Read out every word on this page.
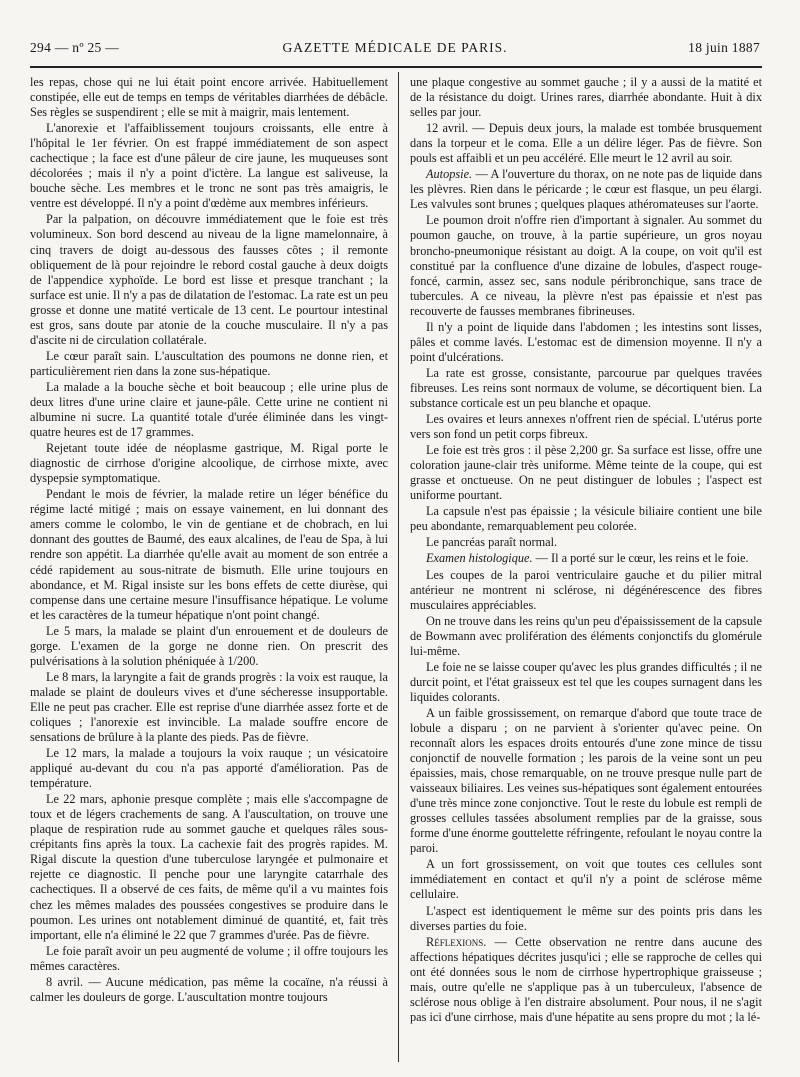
294 — nº 25 —	GAZETTE MÉDICALE DE PARIS.	18 juin 1887

les repas, chose qui ne lui était point encore arrivée. Habituellement constipée, elle eut de temps en temps de véritables diarrhées de débâcle. Ses règles se suspendirent ; elle se mit à maigrir, mais lentement.

L'anorexie et l'affaiblissement toujours croissants, elle entre à l'hôpital le 1er février. On est frappé immédiatement de son aspect cachectique ; la face est d'une pâleur de cire jaune, les muqueuses sont décolorées ; mais il n'y a point d'ictère. La langue est saliveuse, la bouche sèche. Les membres et le tronc ne sont pas très amaigris, le ventre est développé. Il n'y a point d'œdème aux membres inférieurs.

Par la palpation, on découvre immédiatement que le foie est très volumineux. Son bord descend au niveau de la ligne mamelonnaire, à cinq travers de doigt au-dessous des fausses côtes ; il remonte obliquement de là pour rejoindre le rebord costal gauche à deux doigts de l'appendice xyphoïde. Le bord est lisse et presque tranchant ; la surface est unie. Il n'y a pas de dilatation de l'estomac. La rate est un peu grosse et donne une matité verticale de 13 cent. Le pourtour intestinal est gros, sans doute par atonie de la couche musculaire. Il n'y a pas d'ascite ni de circulation collatérale.

Le cœur paraît sain. L'auscultation des poumons ne donne rien, et particulièrement rien dans la zone sus-hépatique.

La malade a la bouche sèche et boit beaucoup ; elle urine plus de deux litres d'une urine claire et jaune-pâle. Cette urine ne contient ni albumine ni sucre. La quantité totale d'urée éliminée dans les vingt-quatre heures est de 17 grammes.

Rejetant toute idée de néoplasme gastrique, M. Rigal porte le diagnostic de cirrhose d'origine alcoolique, de cirrhose mixte, avec dyspepsie symptomatique.

Pendant le mois de février, la malade retire un léger bénéfice du régime lacté mitigé ; mais on essaye vainement, en lui donnant des amers comme le colombo, le vin de gentiane et de chobrach, en lui donnant des gouttes de Baumé, des eaux alcalines, de l'eau de Spa, à lui rendre son appétit. La diarrhée qu'elle avait au moment de son entrée a cédé rapidement au sous-nitrate de bismuth. Elle urine toujours en abondance, et M. Rigal insiste sur les bons effets de cette diurèse, qui compense dans une certaine mesure l'insuffisance hépatique. Le volume et les caractères de la tumeur hépatique n'ont point changé.

Le 5 mars, la malade se plaint d'un enrouement et de douleurs de gorge. L'examen de la gorge ne donne rien. On prescrit des pulvérisations à la solution phéniquée à 1/200.

Le 8 mars, la laryngite a fait de grands progrès : la voix est rauque, la malade se plaint de douleurs vives et d'une sécheresse insupportable. Elle ne peut pas cracher. Elle est reprise d'une diarrhée assez forte et de coliques ; l'anorexie est invincible. La malade souffre encore de sensations de brûlure à la plante des pieds. Pas de fièvre.

Le 12 mars, la malade a toujours la voix rauque ; un vésicatoire appliqué au-devant du cou n'a pas apporté d'amélioration. Pas de température.

Le 22 mars, aphonie presque complète ; mais elle s'accompagne de toux et de légers crachements de sang. A l'auscultation, on trouve une plaque de respiration rude au sommet gauche et quelques râles sous-crépitants fins après la toux. La cachexie fait des progrès rapides. M. Rigal discute la question d'une tuberculose laryngée et pulmonaire et rejette ce diagnostic. Il penche pour une laryngite catarrhale des cachectiques. Il a observé de ces faits, de même qu'il a vu maintes fois chez les mêmes malades des poussées congestives se produire dans le poumon. Les urines ont notablement diminué de quantité, et, fait très important, elle n'a éliminé le 22 que 7 grammes d'urée. Pas de fièvre.

Le foie paraît avoir un peu augmenté de volume ; il offre toujours les mêmes caractères.

8 avril. — Aucune médication, pas même la cocaïne, n'a réussi à calmer les douleurs de gorge. L'auscultation montre toujours

une plaque congestive au sommet gauche ; il y a aussi de la matité et de la résistance du doigt. Urines rares, diarrhée abondante. Huit à dix selles par jour.

12 avril. — Depuis deux jours, la malade est tombée brusquement dans la torpeur et le coma. Elle a un délire léger. Pas de fièvre. Son pouls est affaibli et un peu accéléré. Elle meurt le 12 avril au soir.

Autopsie. — A l'ouverture du thorax, on ne note pas de liquide dans les plèvres. Rien dans le péricarde ; le cœur est flasque, un peu élargi. Les valvules sont brunes ; quelques plaques athéromateuses sur l'aorte.

Le poumon droit n'offre rien d'important à signaler. Au sommet du poumon gauche, on trouve, à la partie supérieure, un gros noyau broncho-pneumonique résistant au doigt. A la coupe, on voit qu'il est constitué par la confluence d'une dizaine de lobules, d'aspect rouge-foncé, carmin, assez sec, sans nodule péribronchique, sans trace de tubercules. A ce niveau, la plèvre n'est pas épaissie et n'est pas recouverte de fausses membranes fibrineuses.

Il n'y a point de liquide dans l'abdomen ; les intestins sont lisses, pâles et comme lavés. L'estomac est de dimension moyenne. Il n'y a point d'ulcérations.

La rate est grosse, consistante, parcourue par quelques travées fibreuses. Les reins sont normaux de volume, se décortiquent bien. La substance corticale est un peu blanche et opaque.

Les ovaires et leurs annexes n'offrent rien de spécial. L'utérus porte vers son fond un petit corps fibreux.

Le foie est très gros : il pèse 2,200 gr. Sa surface est lisse, offre une coloration jaune-clair très uniforme. Même teinte de la coupe, qui est grasse et onctueuse. On ne peut distinguer de lobules ; l'aspect est uniforme pourtant.

La capsule n'est pas épaissie ; la vésicule biliaire contient une bile peu abondante, remarquablement peu colorée.

Le pancréas paraît normal.

Examen histologique. — Il a porté sur le cœur, les reins et le foie.

Les coupes de la paroi ventriculaire gauche et du pilier mitral antérieur ne montrent ni sclérose, ni dégénérescence des fibres musculaires appréciables.

On ne trouve dans les reins qu'un peu d'épaississement de la capsule de Bowmann avec prolifération des éléments conjonctifs du glomérule lui-même.

Le foie ne se laisse couper qu'avec les plus grandes difficultés ; il ne durcit point, et l'état graisseux est tel que les coupes surnagent dans les liquides colorants.

A un faible grossissement, on remarque d'abord que toute trace de lobule a disparu ; on ne parvient à s'orienter qu'avec peine. On reconnaît alors les espaces droits entourés d'une zone mince de tissu conjonctif de nouvelle formation ; les parois de la veine sont un peu épaissies, mais, chose remarquable, on ne trouve presque nulle part de vaisseaux biliaires. Les veines sus-hépatiques sont également entourées d'une très mince zone conjonctive. Tout le reste du lobule est rempli de grosses cellules tassées absolument remplies par de la graisse, sous forme d'une énorme gouttelette réfringente, refoulant le noyau contre la paroi.

A un fort grossissement, on voit que toutes ces cellules sont immédiatement en contact et qu'il n'y a point de sclérose même cellulaire.

L'aspect est identiquement le même sur des points pris dans les diverses parties du foie.

Réflexions. — Cette observation ne rentre dans aucune des affections hépatiques décrites jusqu'ici ; elle se rapproche de celles qui ont été données sous le nom de cirrhose hypertrophique graisseuse ; mais, outre qu'elle ne s'applique pas à un tuberculeux, l'absence de sclérose nous oblige à l'en distraire absolument. Pour nous, il ne s'agit pas ici d'une cirrhose, mais d'une hépatite au sens propre du mot ; la lé-
